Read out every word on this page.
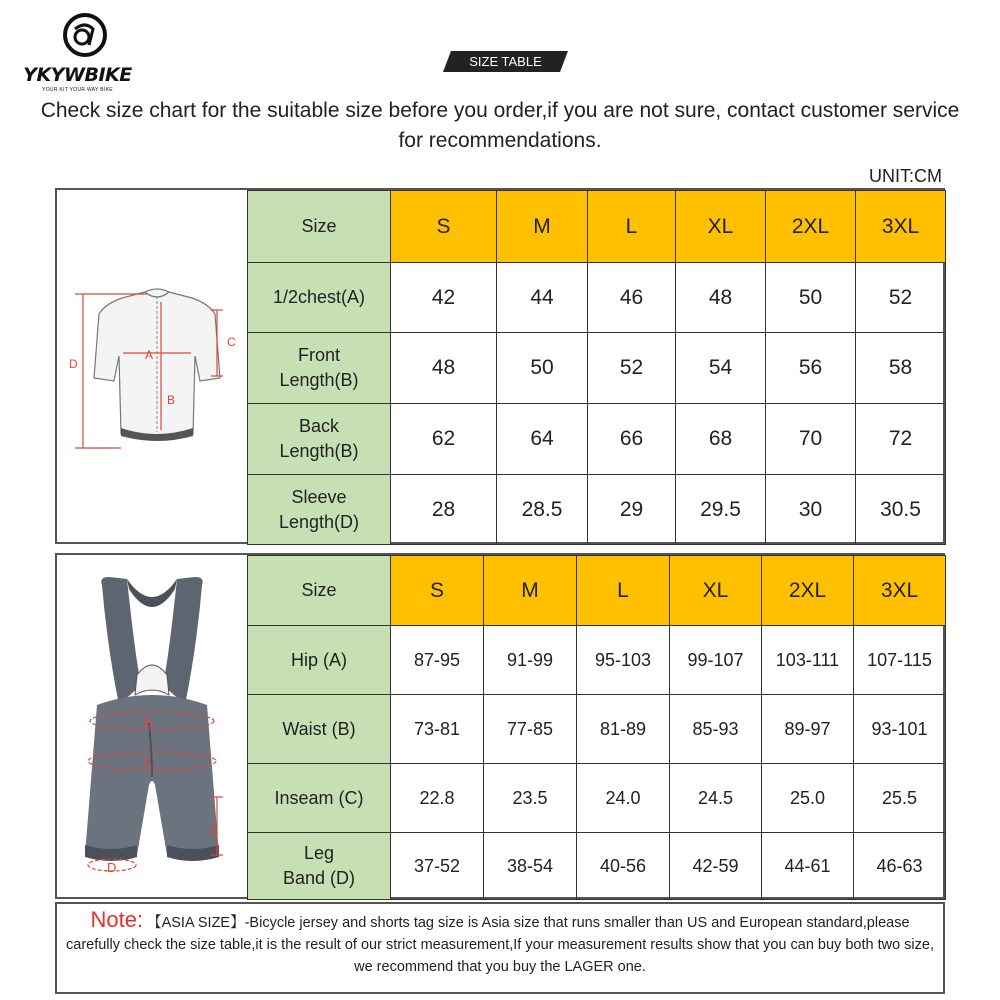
YKYWBIKE
YOUR KIT YOUR WAY BIKE
SIZE TABLE
Check size chart for the suitable size before you order,if you are not sure, contact customer service for recommendations.
UNIT:CM
A
B
C
D
Size	S	M	L	XL	2XL	3XL
1/2chest(A)	42	44	46	48	50	52
Front
Length(B)	48	50	52	54	56	58
Back
Length(B)	62	64	66	68	70	72
Sleeve
Length(D)	28	28.5	29	29.5	30	30.5
B
A
C
D
Size	S	M	L	XL	2XL	3XL
Hip (A)	87-95	91-99	95-103	99-107	103-111	107-115
Waist (B)	73-81	77-85	81-89	85-93	89-97	93-101
Inseam (C)	22.8	23.5	24.0	24.5	25.0	25.5
Leg
Band (D)	37-52	38-54	40-56	42-59	44-61	46-63
Note: 【ASIA SIZE】-Bicycle jersey and shorts tag size is Asia size that runs smaller than US and European standard,please carefully check the size table,it is the result of our strict measurement,If your measurement results show that you can buy both two size, we recommend that you buy the LAGER one.
